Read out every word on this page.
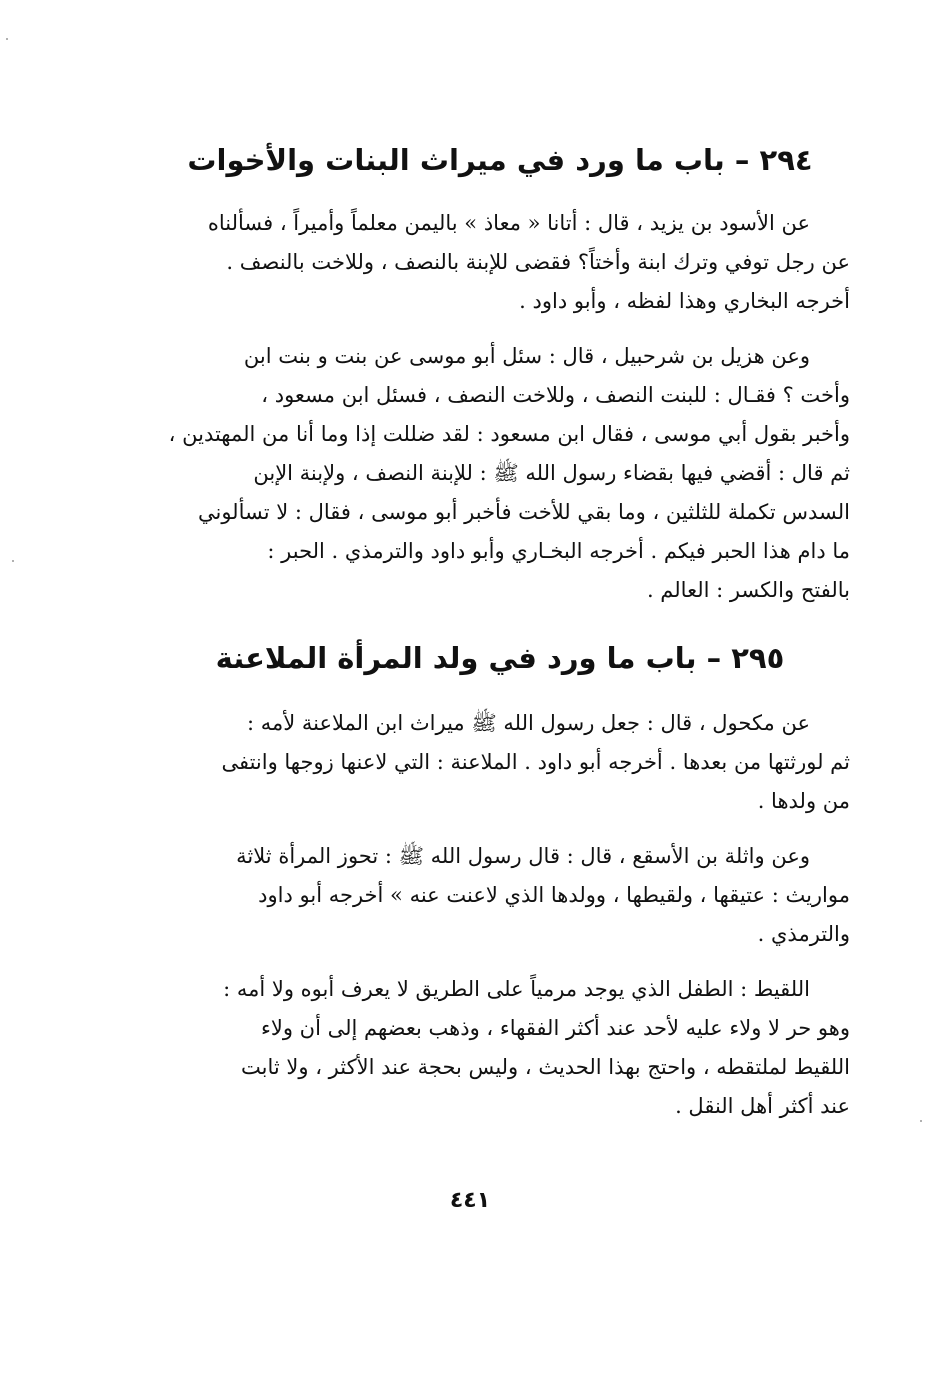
٢٩٤ – باب ما ورد في ميراث البنات والأخوات

عن الأسود بن يزيد ، قال : أتانا « معاذ » باليمن معلماً وأميراً ، فسألناه
عن رجل توفي وترك ابنة وأختاً؟ فقضى للإبنة بالنصف ، وللاخت بالنصف .
أخرجه البخاري وهذا لفظه ، وأبو داود .

وعن هزيل بن شرحبيل ، قال : سئل أبو موسى عن بنت و بنت ابن
وأخت ؟ فقـال : للبنت النصف ، وللاخت النصف ، فسئل ابن مسعود ،
وأخبر بقول أبي موسى ، فقال ابن مسعود : لقد ضللت إذا وما أنا من المهتدين ،
ثم قال : أقضي فيها بقضاء رسول الله ﷺ : للإبنة النصف ، ولإبنة الإبن
السدس تكملة للثلثين ، وما بقي للأخت فأخبر أبو موسى ، فقال : لا تسألوني
ما دام هذا الحبر فيكم . أخرجه البخـاري وأبو داود والترمذي . الحبر :
بالفتح والكسر : العالم .

٢٩٥ – باب ما ورد في ولد المرأة الملاعنة

عن مكحول ، قال : جعل رسول الله ﷺ ميراث ابن الملاعنة لأمه :
ثم لورثتها من بعدها . أخرجه أبو داود . الملاعنة : التي لاعنها زوجها وانتفى
من ولدها .

وعن واثلة بن الأسقع ، قال : قال رسول الله ﷺ : تحوز المرأة ثلاثة
مواريث : عتيقها ، ولقيطها ، وولدها الذي لاعنت عنه » أخرجه أبو داود
والترمذي .

اللقيط : الطفل الذي يوجد مرمياً على الطريق لا يعرف أبوه ولا أمه :
وهو حر لا ولاء عليه لأحد عند أكثر الفقهاء ، وذهب بعضهم إلى أن ولاء
اللقيط لملتقطه ، واحتج بهذا الحديث ، وليس بحجة عند الأكثر ، ولا ثابت
عند أكثر أهل النقل .

٤٤١
